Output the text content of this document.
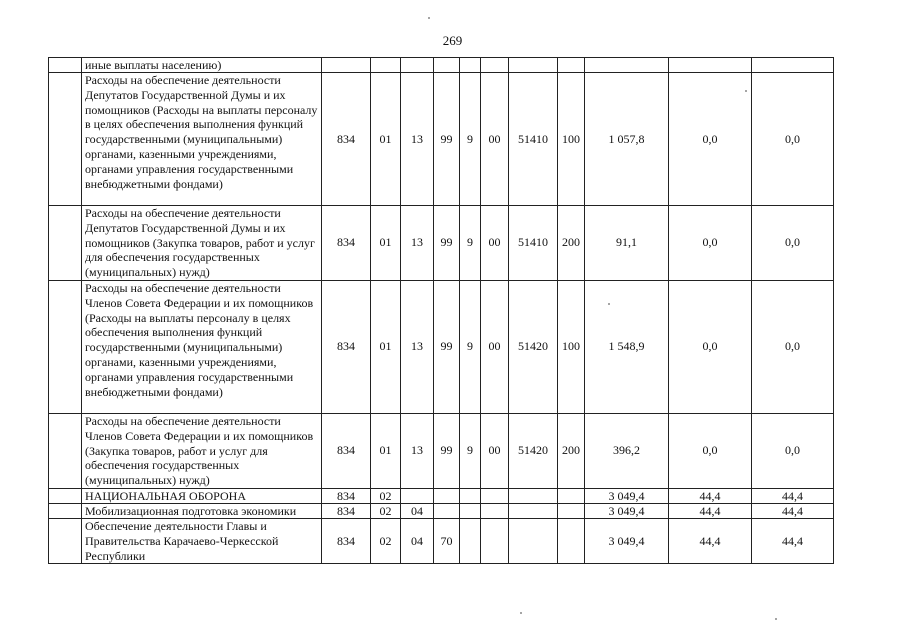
269
	иные выплаты населению)											
	Расходы на обеспечение деятельности Депутатов Государственной Думы и их помощников (Расходы на выплаты персоналу в целях обеспечения выполнения функций государственными (муниципальными) органами, казенными учреждениями, органами управления государственными внебюджетными фондами)	834	01	13	99	9	00	51410	100	1 057,8	0,0	0,0
	Расходы на обеспечение деятельности Депутатов Государственной Думы и их помощников (Закупка товаров, работ и услуг для обеспечения государственных (муниципальных) нужд)	834	01	13	99	9	00	51410	200	91,1	0,0	0,0
	Расходы на обеспечение деятельности Членов Совета Федерации и их помощников (Расходы на выплаты персоналу в целях обеспечения выполнения функций государственными (муниципальными) органами, казенными учреждениями, органами управления государственными внебюджетными фондами)	834	01	13	99	9	00	51420	100	1 548,9	0,0	0,0
	Расходы на обеспечение деятельности Членов Совета Федерации и их помощников (Закупка товаров, работ и услуг для обеспечения государственных (муниципальных) нужд)	834	01	13	99	9	00	51420	200	396,2	0,0	0,0
	НАЦИОНАЛЬНАЯ ОБОРОНА	834	02							3 049,4	44,4	44,4
	Мобилизационная подготовка экономики	834	02	04						3 049,4	44,4	44,4
	Обеспечение деятельности Главы и Правительства Карачаево-Черкесской Республики	834	02	04	70					3 049,4	44,4	44,4
